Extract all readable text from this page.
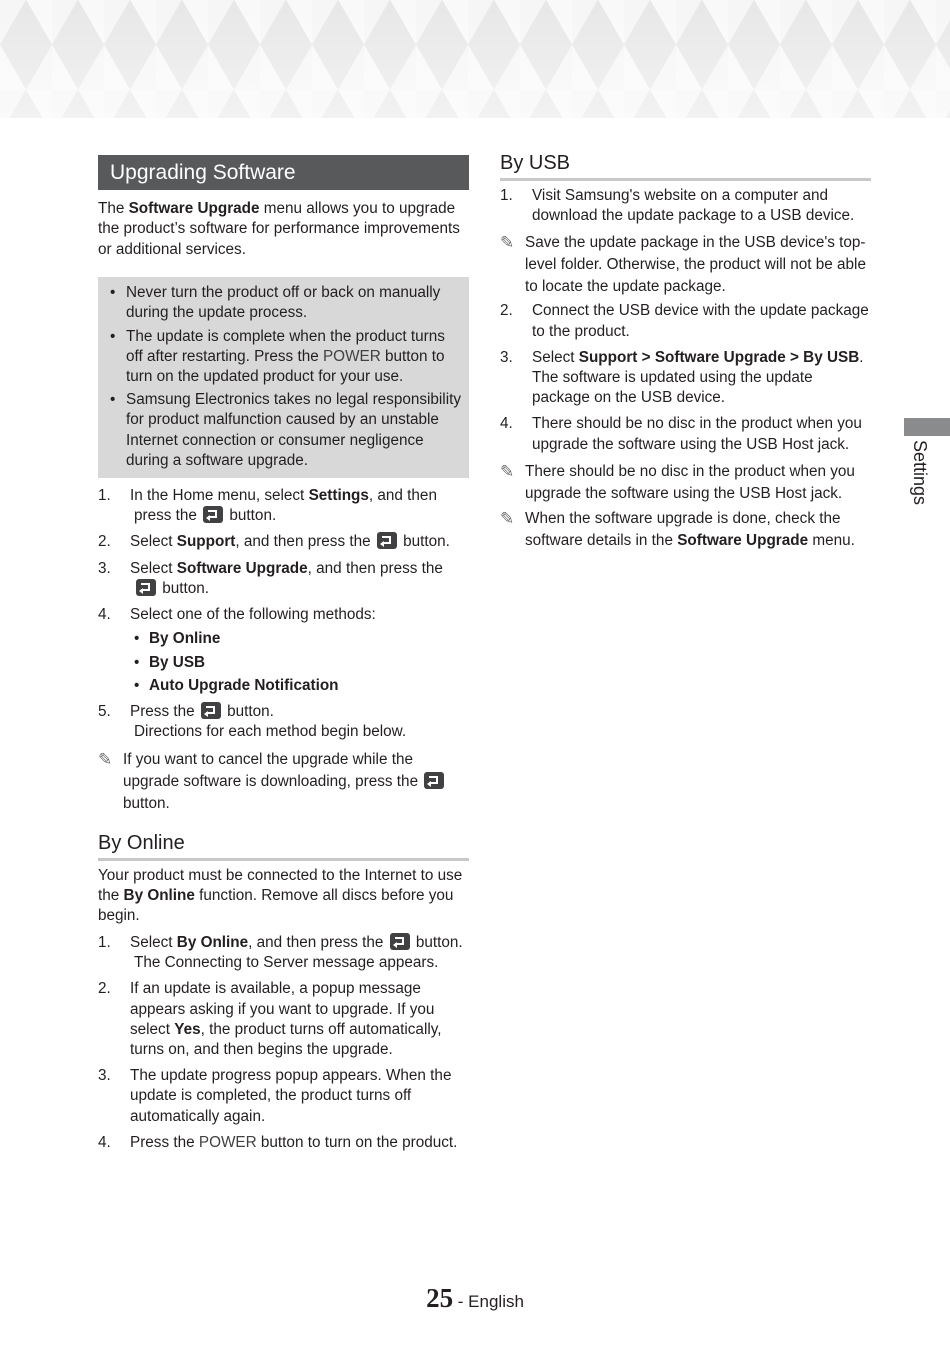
Upgrading Software

The Software Upgrade menu allows you to upgrade the product’s software for performance improvements or additional services.

• Never turn the product off or back on manually during the update process.
• The update is complete when the product turns off after restarting. Press the POWER button to turn on the updated product for your use.
• Samsung Electronics takes no legal responsibility for product malfunction caused by an unstable Internet connection or consumer negligence during a software upgrade.
1.	In the Home menu, select Settings, and then
press the  button.
2.	Select Support, and then press the  button.
3.	Select Software Upgrade, and then press the
button.
4.	Select one of the following methods:
• By Online
• By USB
• Auto Upgrade Notification
5.	Press the  button.
Directions for each method begin below.
✎ If you want to cancel the upgrade while the upgrade software is downloading, press the
button.
By Online

Your product must be connected to the Internet to use the By Online function. Remove all discs before you begin.

1.	Select By Online, and then press the  button.
The Connecting to Server message appears.
2.	If an update is available, a popup message appears asking if you want to upgrade. If you select Yes, the product turns off automatically, turns on, and then begins the upgrade.
3.	The update progress popup appears. When the update is completed, the product turns off automatically again.
4.	Press the POWER button to turn on the product.
By USB
1.	Visit Samsung's website on a computer and download the update package to a USB device.
✎ Save the update package in the USB device's top-level folder. Otherwise, the product will not be able to locate the update package.
2.	Connect the USB device with the update package to the product.
3.	Select Support > Software Upgrade > By USB. The software is updated using the update package on the USB device.
4.	There should be no disc in the product when you upgrade the software using the USB Host jack.
✎ There should be no disc in the product when you upgrade the software using the USB Host jack.
✎ When the software upgrade is done, check the software details in the Software Upgrade menu.
Settings
25 - English
